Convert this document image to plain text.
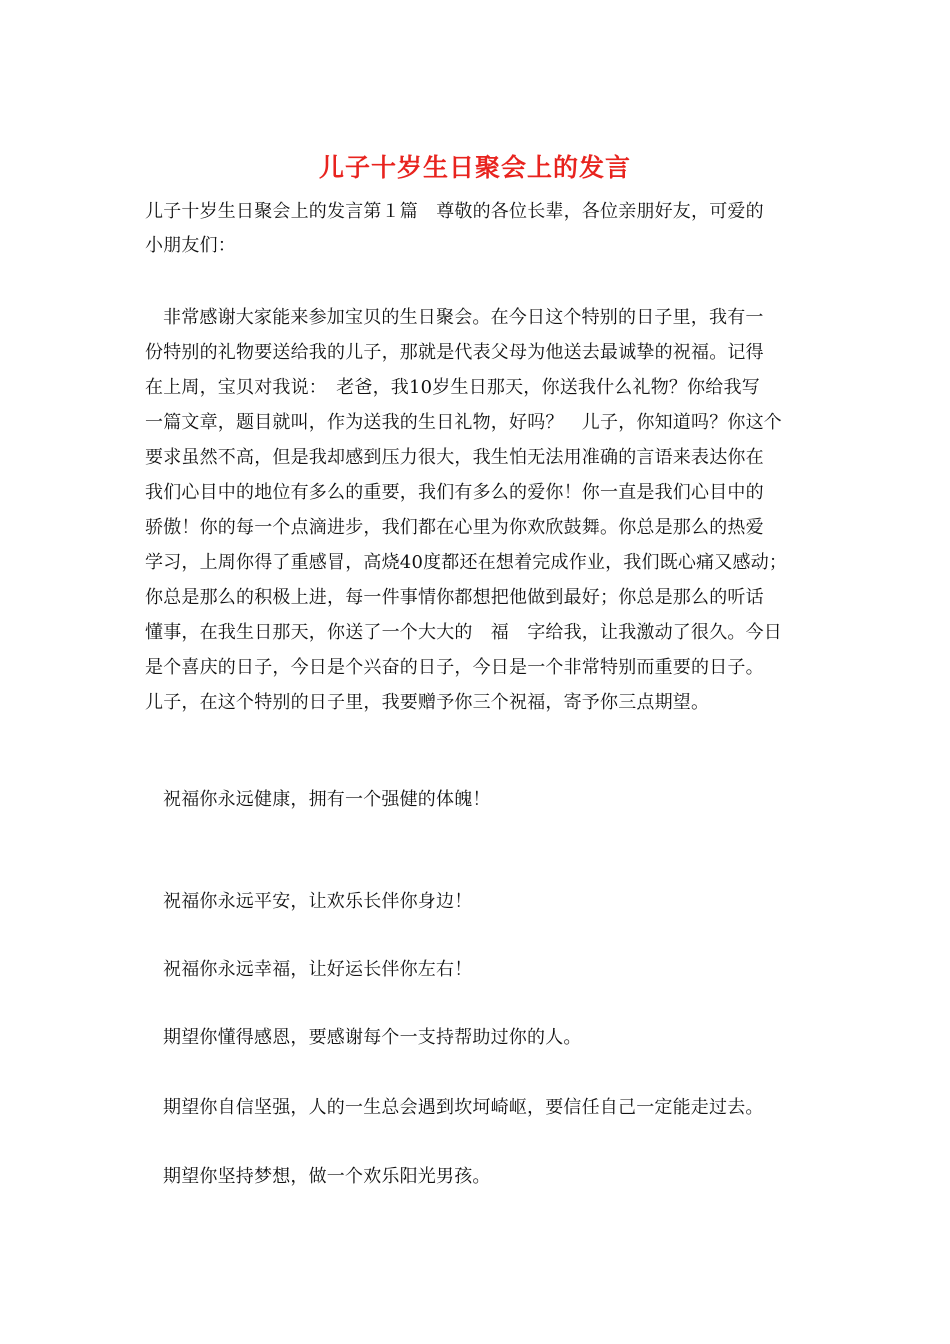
儿子十岁生日聚会上的发言
儿子十岁生日聚会上的发言第１篇　尊敬的各位长辈，各位亲朋好友，可爱的
小朋友们：
非常感谢大家能来参加宝贝的生日聚会。在今日这个特别的日子里，我有一
份特别的礼物要送给我的儿子，那就是代表父母为他送去最诚挚的祝福。记得
在上周，宝贝对我说：　老爸，我10岁生日那天，你送我什么礼物？你给我写
一篇文章，题目就叫，作为送我的生日礼物，好吗？　儿子，你知道吗？你这个
要求虽然不高，但是我却感到压力很大，我生怕无法用准确的言语来表达你在
我们心目中的地位有多么的重要，我们有多么的爱你！你一直是我们心目中的
骄傲！你的每一个点滴进步，我们都在心里为你欢欣鼓舞。你总是那么的热爱
学习，上周你得了重感冒，高烧40度都还在想着完成作业，我们既心痛又感动；
你总是那么的积极上进，每一件事情你都想把他做到最好；你总是那么的听话
懂事，在我生日那天，你送了一个大大的　福　字给我，让我激动了很久。今日
是个喜庆的日子，今日是个兴奋的日子，今日是一个非常特别而重要的日子。
儿子，在这个特别的日子里，我要赠予你三个祝福，寄予你三点期望。
祝福你永远健康，拥有一个强健的体魄！
祝福你永远平安，让欢乐长伴你身边！
祝福你永远幸福，让好运长伴你左右！
期望你懂得感恩，要感谢每个一支持帮助过你的人。
期望你自信坚强，人的一生总会遇到坎坷崎岖，要信任自己一定能走过去。
期望你坚持梦想，做一个欢乐阳光男孩。
